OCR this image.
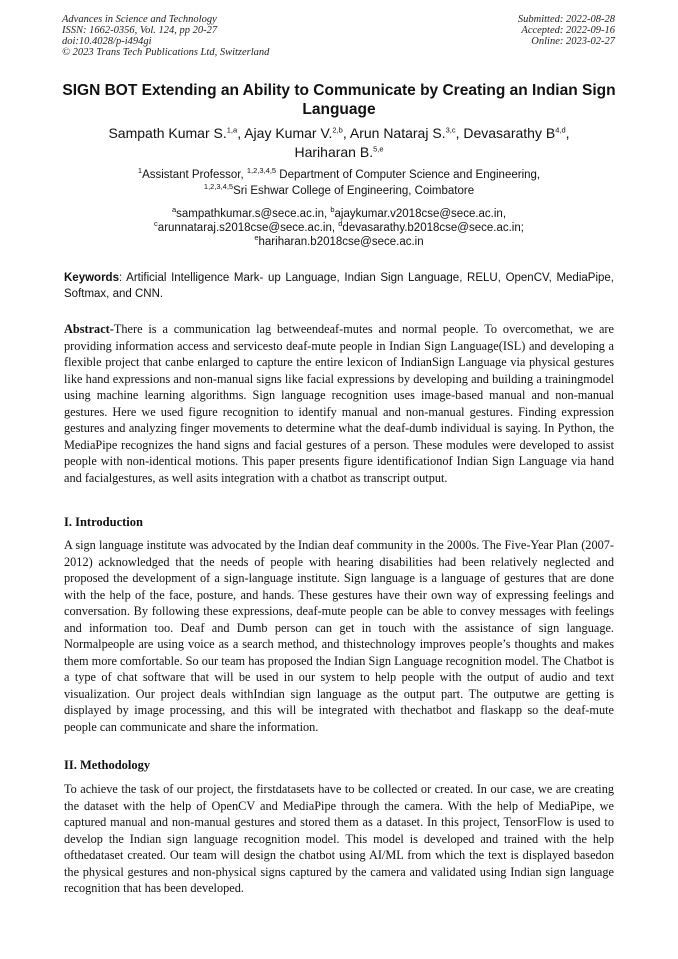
Advances in Science and Technology
ISSN: 1662-0356, Vol. 124, pp 20-27
doi:10.4028/p-i494gi
© 2023 Trans Tech Publications Ltd, Switzerland
Submitted: 2022-08-28
Accepted: 2022-09-16
Online: 2023-02-27
SIGN BOT Extending an Ability to Communicate by Creating an Indian Sign Language
Sampath Kumar S.$^{1,a}$, Ajay Kumar V.$^{2,b}$, Arun Nataraj S.$^{3,c}$, Devasarathy B$^{4,d}$,
Hariharan B.$^{5,e}$
$^1$Assistant Professor, $^{1,2,3,4,5}$ Department of Computer Science and Engineering,
$^{1,2,3,4,5}$Sri Eshwar College of Engineering, Coimbatore
$^a$sampathkumar.s@sece.ac.in, $^b$ajaykumar.v2018cse@sece.ac.in,
$^c$arunnataraj.s2018cse@sece.ac.in, $^d$devasarathy.b2018cse@sece.ac.in;
$^e$hariharan.b2018cse@sece.ac.in
Keywords: Artificial Intelligence Mark- up Language, Indian Sign Language, RELU, OpenCV, MediaPipe, Softmax, and CNN.
Abstract-There is a communication lag betweendeaf-mutes and normal people. To overcomethat, we are providing information access and servicesto deaf-mute people in Indian Sign Language(ISL) and developing a flexible project that canbe enlarged to capture the entire lexicon of IndianSign Language via physical gestures like hand expressions and non-manual signs like facial expressions by developing and building a trainingmodel using machine learning algorithms. Sign language recognition uses image-based manual and non-manual gestures. Here we used figure recognition to identify manual and non-manual gestures. Finding expression gestures and analyzing finger movements to determine what the deaf-dumb individual is saying. In Python, the MediaPipe recognizes the hand signs and facial gestures of a person. These modules were developed to assist people with non-identical motions. This paper presents figure identificationof Indian Sign Language via hand and facialgestures, as well asits integration with a chatbot as transcript output.
I. Introduction
A sign language institute was advocated by the Indian deaf community in the 2000s. The Five-Year Plan (2007-2012) acknowledged that the needs of people with hearing disabilities had been relatively neglected and proposed the development of a sign-language institute. Sign language is a language of gestures that are done with the help of the face, posture, and hands. These gestures have their own way of expressing feelings and conversation. By following these expressions, deaf-mute people can be able to convey messages with feelings and information too. Deaf and Dumb person can get in touch with the assistance of sign language. Normalpeople are using voice as a search method, and thistechnology improves people’s thoughts and makes them more comfortable. So our team has proposed the Indian Sign Language recognition model. The Chatbot is a type of chat software that will be used in our system to help people with the output of audio and text visualization. Our project deals withIndian sign language as the output part. The outputwe are getting is displayed by image processing, and this will be integrated with thechatbot and flaskapp so the deaf-mute people can communicate and share the information.
II. Methodology
To achieve the task of our project, the firstdatasets have to be collected or created. In our case, we are creating the dataset with the help of OpenCV and MediaPipe through the camera. With the help of MediaPipe, we captured manual and non-manual gestures and stored them as a dataset. In this project, TensorFlow is used to develop the Indian sign language recognition model. This model is developed and trained with the help ofthedataset created. Our team will design the chatbot using AI/ML from which the text is displayed basedon the physical gestures and non-physical signs captured by the camera and validated using Indian sign language recognition that has been developed.
